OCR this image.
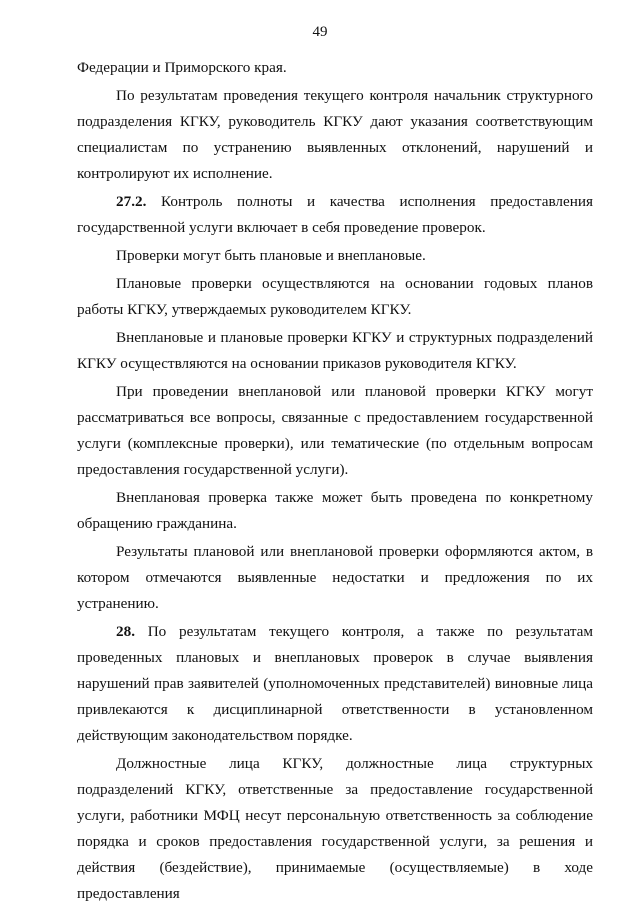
49

Федерации и Приморского края.

По результатам проведения текущего контроля начальник структурного подразделения КГКУ, руководитель КГКУ дают указания соответствующим специалистам по устранению выявленных отклонений, нарушений и контролируют их исполнение.

27.2. Контроль полноты и качества исполнения предоставления государственной услуги включает в себя проведение проверок.

Проверки могут быть плановые и внеплановые.

Плановые проверки осуществляются на основании годовых планов работы КГКУ, утверждаемых руководителем КГКУ.

Внеплановые и плановые проверки КГКУ и структурных подразделений КГКУ осуществляются на основании приказов руководителя КГКУ.

При проведении внеплановой или плановой проверки КГКУ могут рассматриваться все вопросы, связанные с предоставлением государственной услуги (комплексные проверки), или тематические (по отдельным вопросам предоставления государственной услуги).

Внеплановая проверка также может быть проведена по конкретному обращению гражданина.

Результаты плановой или внеплановой проверки оформляются актом, в котором отмечаются выявленные недостатки и предложения по их устранению.

28. По результатам текущего контроля, а также по результатам проведенных плановых и внеплановых проверок в случае выявления нарушений прав заявителей (уполномоченных представителей) виновные лица привлекаются к дисциплинарной ответственности в установленном действующим законодательством порядке.

Должностные лица КГКУ, должностные лица структурных подразделений КГКУ, ответственные за предоставление государственной услуги, работники МФЦ несут персональную ответственность за соблюдение порядка и сроков предоставления государственной услуги, за решения и действия (бездействие), принимаемые (осуществляемые) в ходе предоставления
